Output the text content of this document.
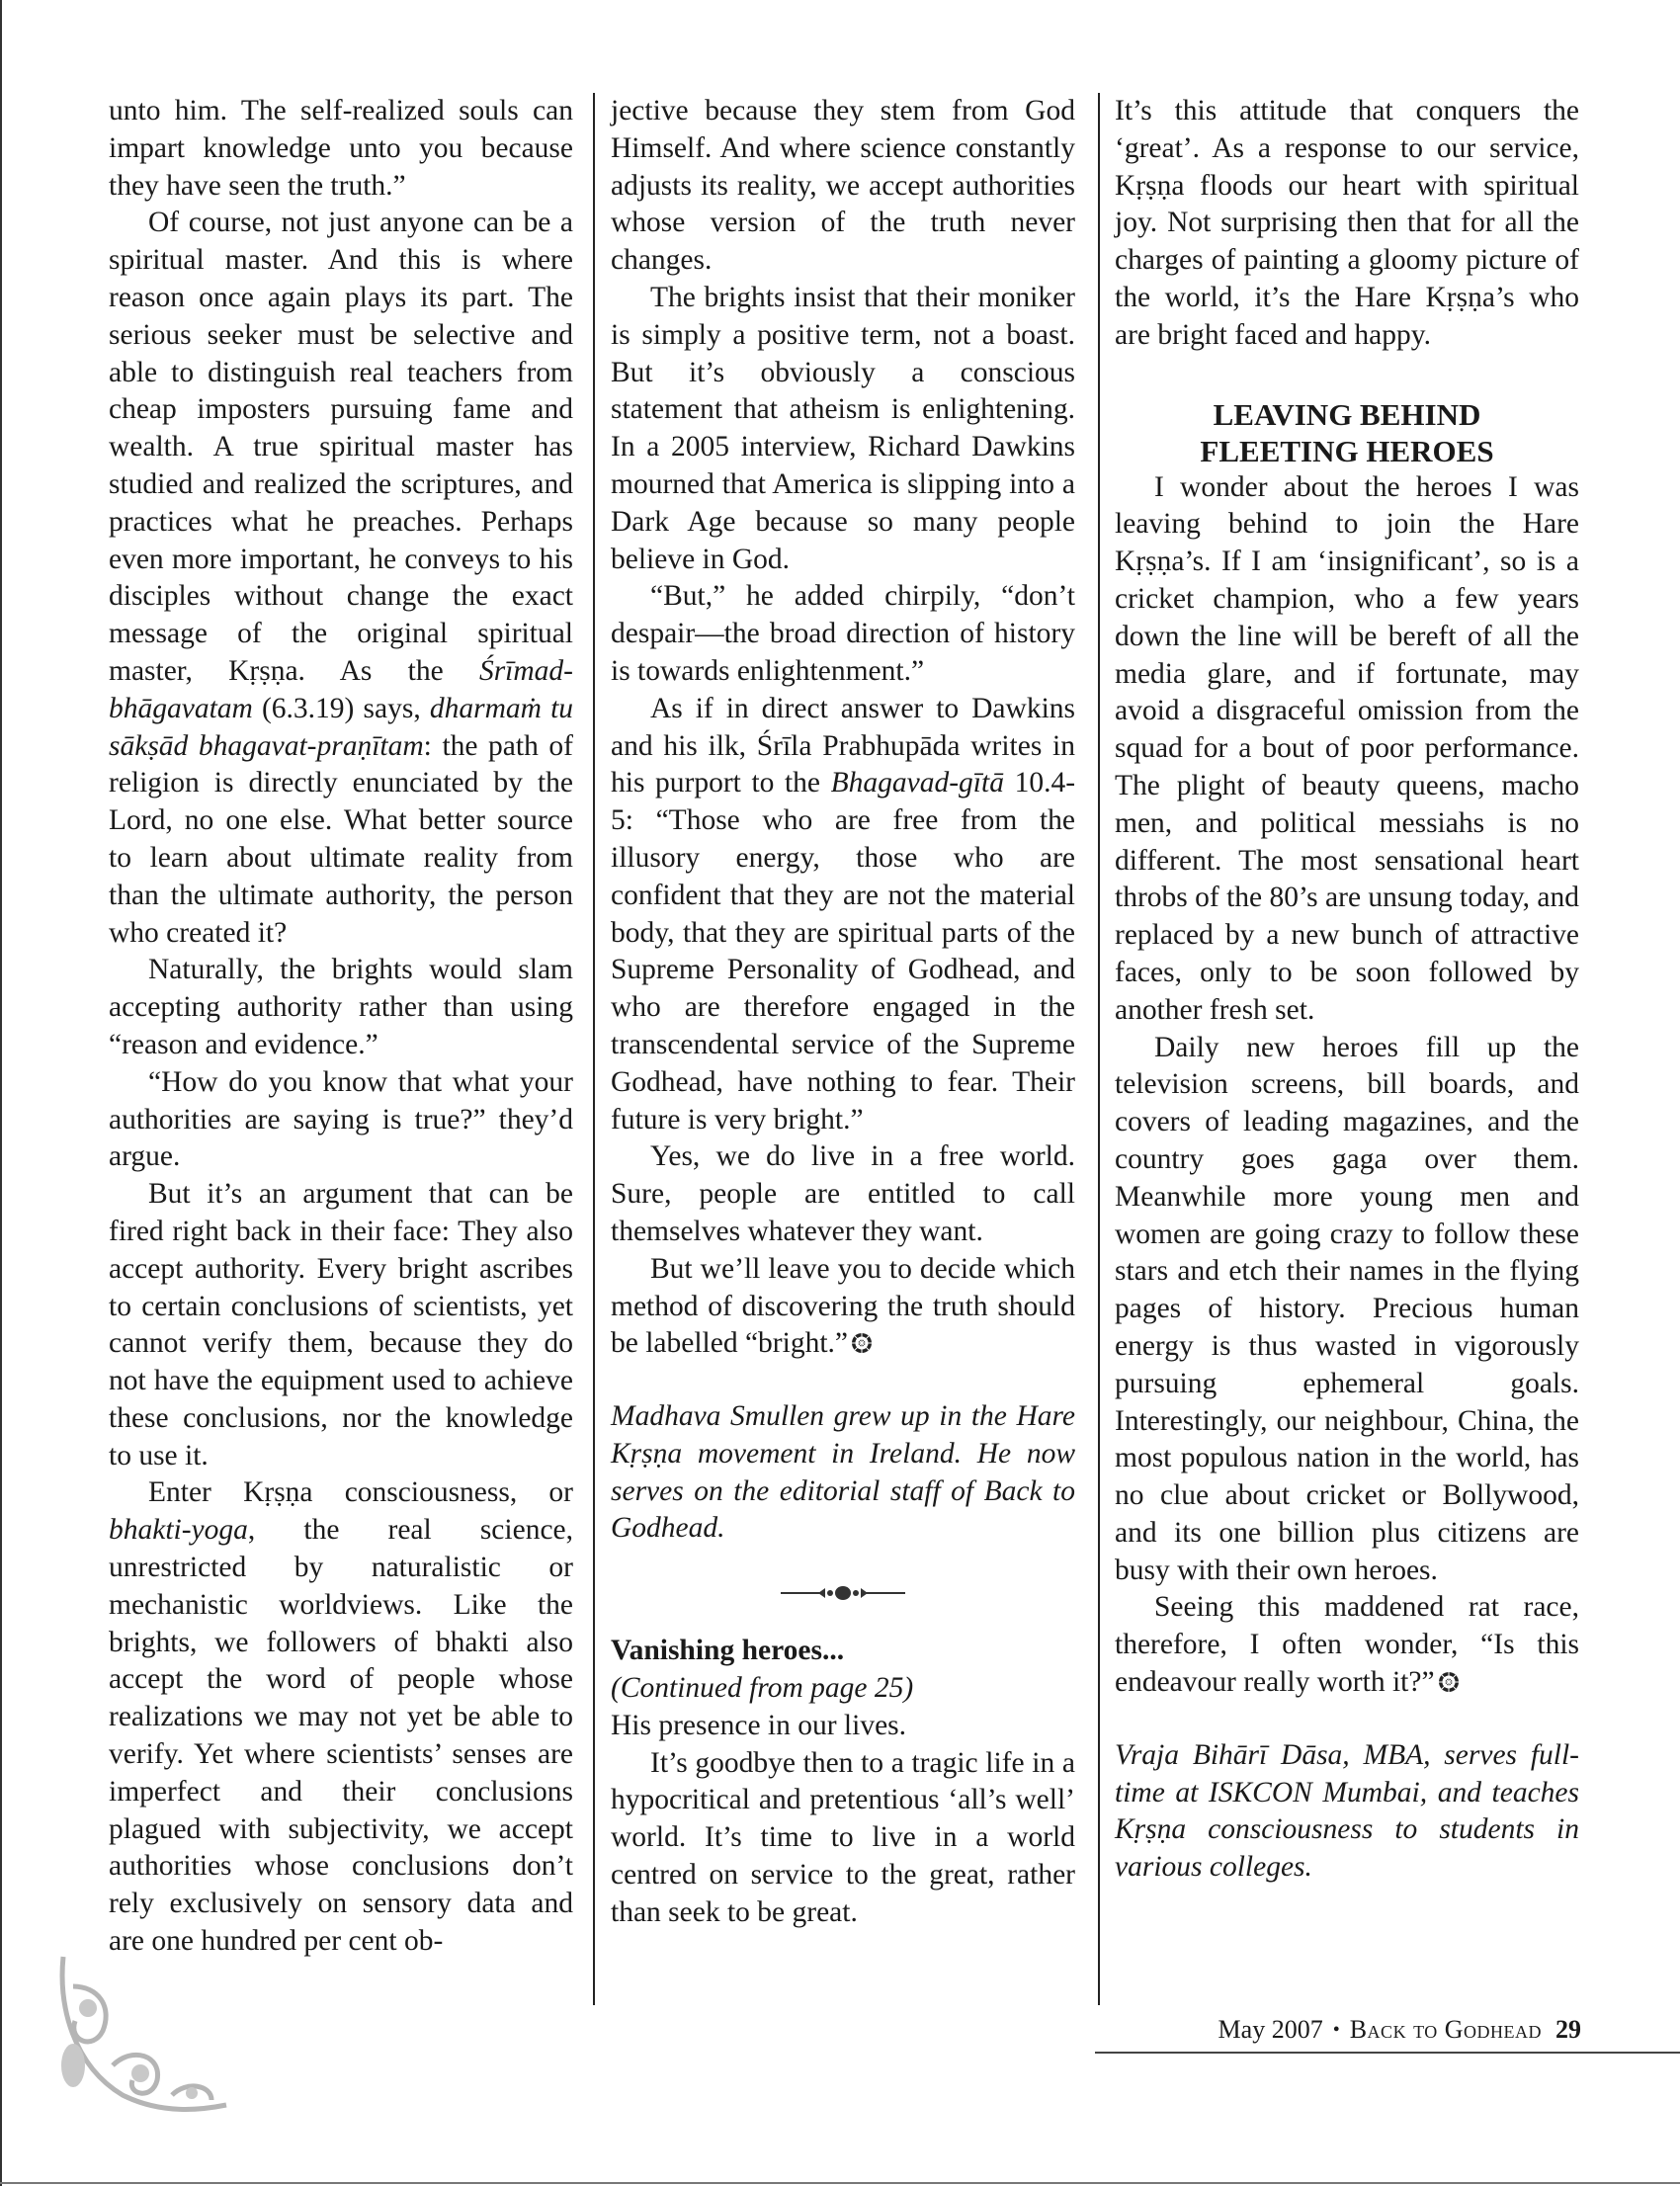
unto him. The self-realized souls can impart knowledge unto you because they have seen the truth.”

Of course, not just anyone can be a spiritual master. And this is where reason once again plays its part. The serious seeker must be selective and able to distinguish real teachers from cheap imposters pursuing fame and wealth. A true spiritual master has studied and realized the scriptures, and practices what he preaches. Perhaps even more important, he conveys to his disciples without change the exact message of the original spiritual master, Kṛṣṇa. As the Śrīmad-bhāgavatam (6.3.19) says, dharmaṁ tu sākṣād bhagavat-praṇītam: the path of religion is directly enunciated by the Lord, no one else. What better source to learn about ultimate reality from than the ultimate authority, the person who created it?

Naturally, the brights would slam accepting authority rather than using “reason and evidence.”

“How do you know that what your authorities are saying is true?” they’d argue.

But it’s an argument that can be fired right back in their face: They also accept authority. Every bright ascribes to certain conclusions of scientists, yet cannot verify them, because they do not have the equipment used to achieve these conclusions, nor the knowledge to use it.

Enter Kṛṣṇa consciousness, or bhakti-yoga, the real science, unrestricted by naturalistic or mechanistic worldviews. Like the brights, we followers of bhakti also accept the word of people whose realizations we may not yet be able to verify. Yet where scientists’ senses are imperfect and their conclusions plagued with subjectivity, we accept authorities whose conclusions don’t rely exclusively on sensory data and are one hundred per cent ob-

jective because they stem from God Himself. And where science constantly adjusts its reality, we accept authorities whose version of the truth never changes.

The brights insist that their moniker is simply a positive term, not a boast. But it’s obviously a conscious statement that atheism is enlightening. In a 2005 interview, Richard Dawkins mourned that America is slipping into a Dark Age because so many people believe in God.

“But,” he added chirpily, “don’t despair—the broad direction of history is towards enlightenment.”

As if in direct answer to Dawkins and his ilk, Śrīla Prabhupāda writes in his purport to the Bhagavad-gītā 10.4-5: “Those who are free from the illusory energy, those who are confident that they are not the material body, that they are spiritual parts of the Supreme Personality of Godhead, and who are therefore engaged in the transcendental service of the Supreme Godhead, have nothing to fear. Their future is very bright.”

Yes, we do live in a free world. Sure, people are entitled to call themselves whatever they want.

But we’ll leave you to decide which method of discovering the truth should be labelled “bright.”

Madhava Smullen grew up in the Hare Kṛṣṇa movement in Ireland. He now serves on the editorial staff of Back to Godhead.

Vanishing heroes...

(Continued from page 25)

His presence in our lives.

It’s goodbye then to a tragic life in a hypocritical and pretentious ‘all’s well’ world. It’s time to live in a world centred on service to the great, rather than seek to be great.

It’s this attitude that conquers the ‘great’. As a response to our service, Kṛṣṇa floods our heart with spiritual joy. Not surprising then that for all the charges of painting a gloomy picture of the world, it’s the Hare Kṛṣṇa’s who are bright faced and happy.

LEAVING BEHIND
FLEETING HEROES

I wonder about the heroes I was leaving behind to join the Hare Kṛṣṇa’s. If I am ‘insignificant’, so is a cricket champion, who a few years down the line will be bereft of all the media glare, and if fortunate, may avoid a disgraceful omission from the squad for a bout of poor performance. The plight of beauty queens, macho men, and political messiahs is no different. The most sensational heart throbs of the 80’s are unsung today, and replaced by a new bunch of attractive faces, only to be soon followed by another fresh set.

Daily new heroes fill up the television screens, bill boards, and covers of leading magazines, and the country goes gaga over them. Meanwhile more young men and women are going crazy to follow these stars and etch their names in the flying pages of history. Precious human energy is thus wasted in vigorously pursuing ephemeral goals. Interestingly, our neighbour, China, the most populous nation in the world, has no clue about cricket or Bollywood, and its one billion plus citizens are busy with their own heroes.

Seeing this maddened rat race, therefore, I often wonder, “Is this endeavour really worth it?”

Vraja Bihārī Dāsa, MBA, serves full-time at ISKCON Mumbai, and teaches Kṛṣṇa consciousness to students in various colleges.

May 2007 • Back to Godhead 29
